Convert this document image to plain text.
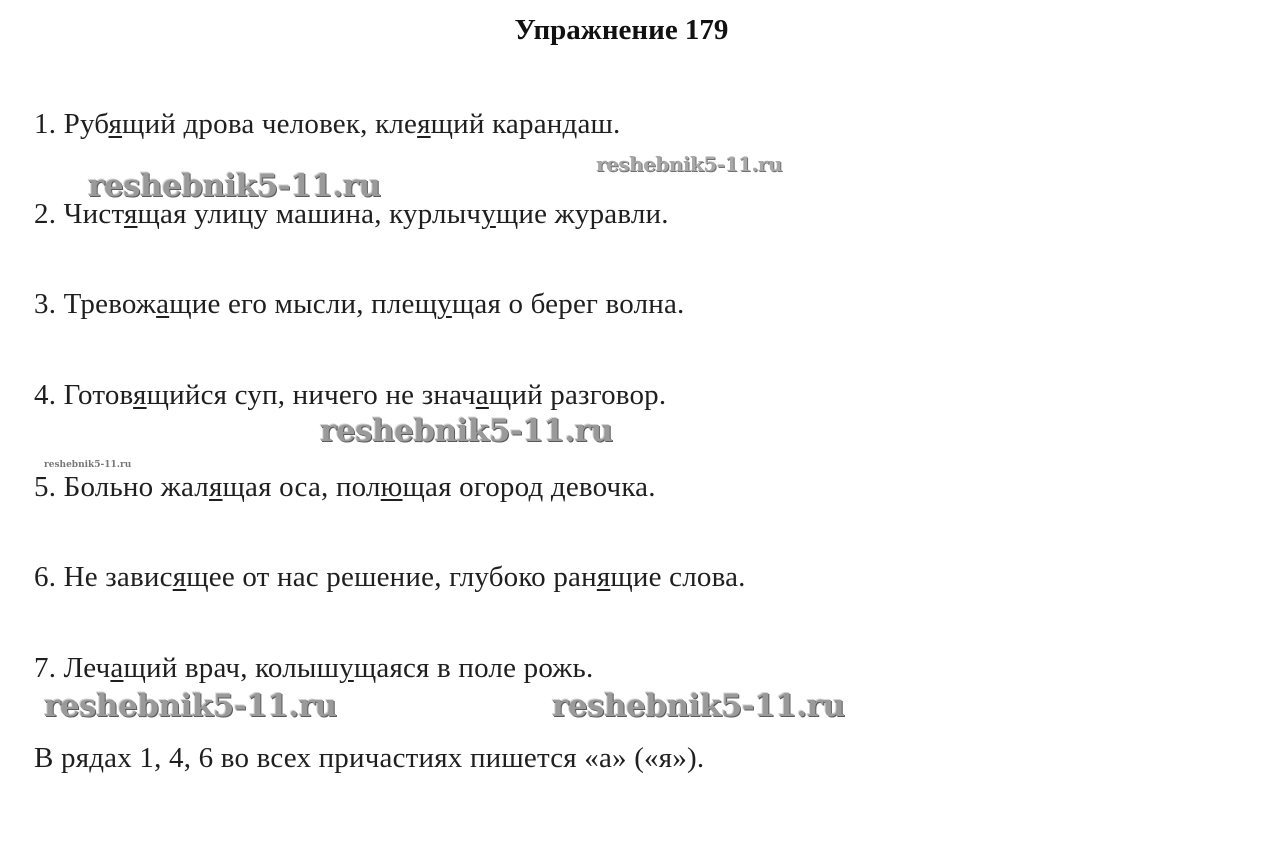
Упражнение 179
1. Рубящий дрова человек, клеящий карандаш.
2. Чистящая улицу машина, курлычущие журавли.
3. Тревожащие его мысли, плещущая о берег волна.
4. Готовящийся суп, ничего не значащий разговор.
5. Больно жалящая оса, полющая огород девочка.
6. Не зависящее от нас решение, глубоко ранящие слова.
7. Лечащий врач, колышущаяся в поле рожь.
В рядах 1, 4, 6 во всех причастиях пишется «а» («я»).
reshebnik5-11.ru
reshebnik5-11.ru
reshebnik5-11.ru
reshebnik5-11.ru
reshebnik5-11.ru	reshebnik5-11.ru
